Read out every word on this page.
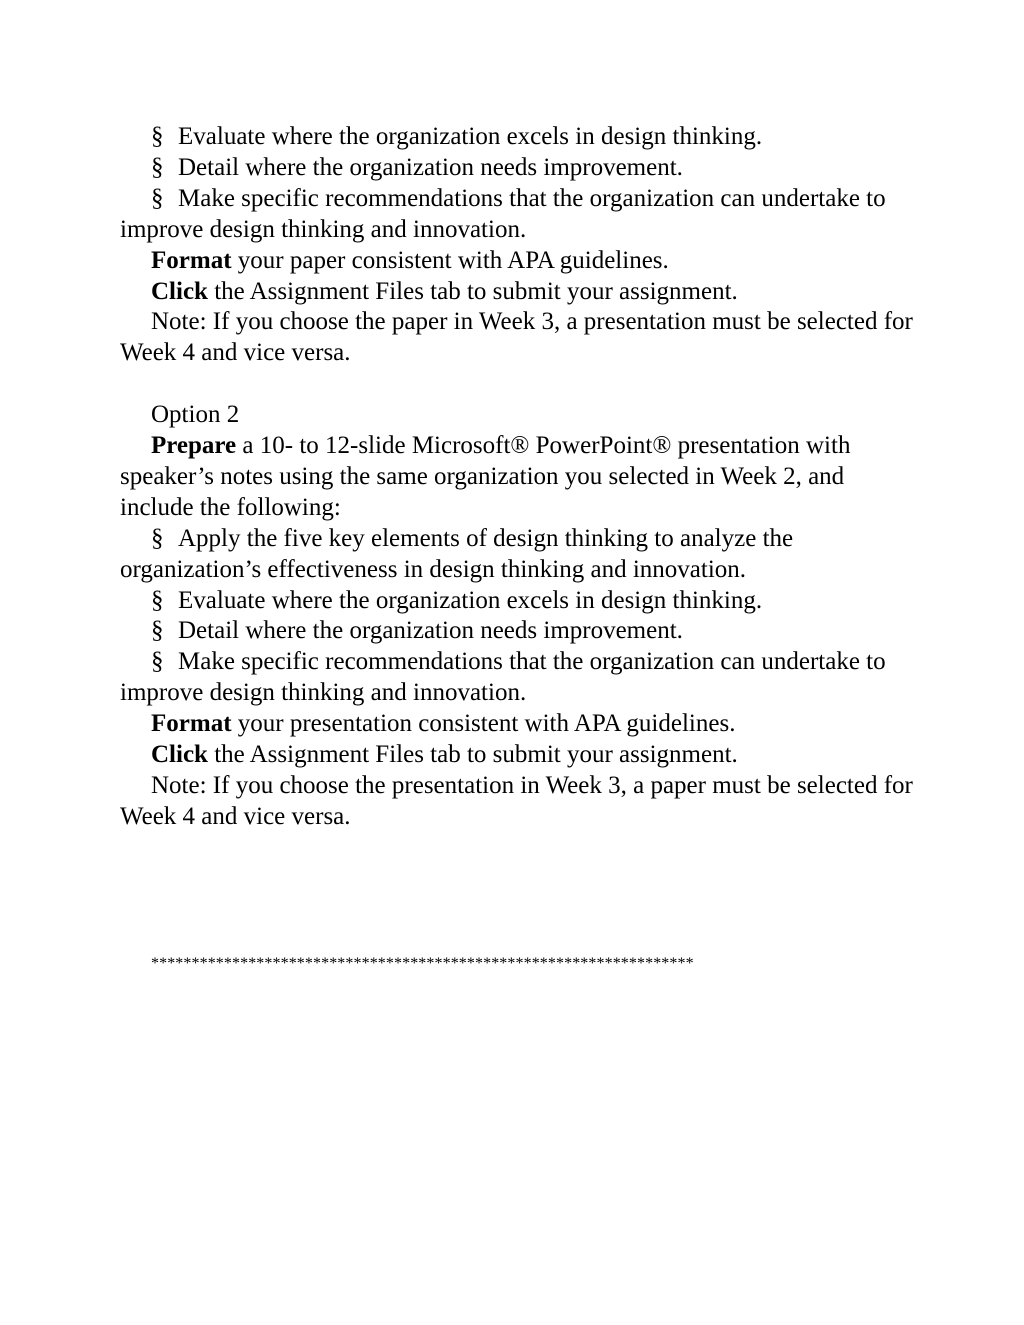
§ Evaluate where the organization excels in design thinking.

§ Detail where the organization needs improvement.

§ Make specific recommendations that the organization can undertake to improve design thinking and innovation.

Format your paper consistent with APA guidelines.

Click the Assignment Files tab to submit your assignment.

Note: If you choose the paper in Week 3, a presentation must be selected for Week 4 and vice versa.

Option 2

Prepare a 10- to 12-slide Microsoft® PowerPoint® presentation with speaker’s notes using the same organization you selected in Week 2, and include the following:

§ Apply the five key elements of design thinking to analyze the organization’s effectiveness in design thinking and innovation.

§ Evaluate where the organization excels in design thinking.

§ Detail where the organization needs improvement.

§ Make specific recommendations that the organization can undertake to improve design thinking and innovation.

Format your presentation consistent with APA guidelines.

Click the Assignment Files tab to submit your assignment.

Note: If you choose the presentation in Week 3, a paper must be selected for Week 4 and vice versa.

*******************************************************************
